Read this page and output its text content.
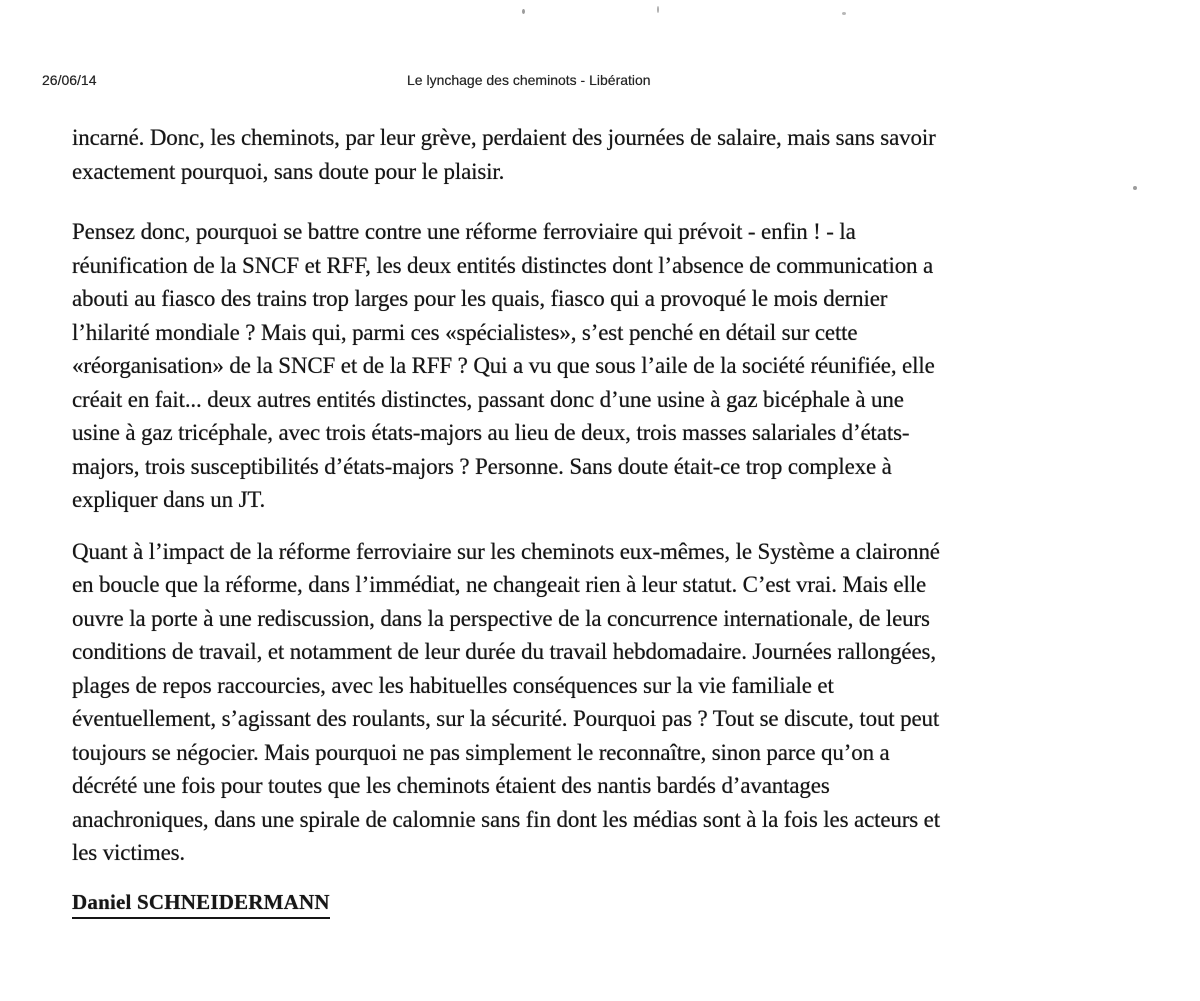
26/06/14	Le lynchage des cheminots - Libération
incarné. Donc, les cheminots, par leur grève, perdaient des journées de salaire, mais sans savoir
exactement pourquoi, sans doute pour le plaisir.
Pensez donc, pourquoi se battre contre une réforme ferroviaire qui prévoit - enfin ! - la
réunification de la SNCF et RFF, les deux entités distinctes dont l’absence de communication a
abouti au fiasco des trains trop larges pour les quais, fiasco qui a provoqué le mois dernier
l’hilarité mondiale ? Mais qui, parmi ces «spécialistes», s’est penché en détail sur cette
«réorganisation» de la SNCF et de la RFF ? Qui a vu que sous l’aile de la société réunifiée, elle
créait en fait... deux autres entités distinctes, passant donc d’une usine à gaz bicéphale à une
usine à gaz tricéphale, avec trois états-majors au lieu de deux, trois masses salariales d’états-
majors, trois susceptibilités d’états-majors ? Personne. Sans doute était-ce trop complexe à
expliquer dans un JT.
Quant à l’impact de la réforme ferroviaire sur les cheminots eux-mêmes, le Système a claironné
en boucle que la réforme, dans l’immédiat, ne changeait rien à leur statut. C’est vrai. Mais elle
ouvre la porte à une rediscussion, dans la perspective de la concurrence internationale, de leurs
conditions de travail, et notamment de leur durée du travail hebdomadaire. Journées rallongées,
plages de repos raccourcies, avec les habituelles conséquences sur la vie familiale et
éventuellement, s’agissant des roulants, sur la sécurité. Pourquoi pas ? Tout se discute, tout peut
toujours se négocier. Mais pourquoi ne pas simplement le reconnaître, sinon parce qu’on a
décrété une fois pour toutes que les cheminots étaient des nantis bardés d’avantages
anachroniques, dans une spirale de calomnie sans fin dont les médias sont à la fois les acteurs et
les victimes.
Daniel SCHNEIDERMANN
